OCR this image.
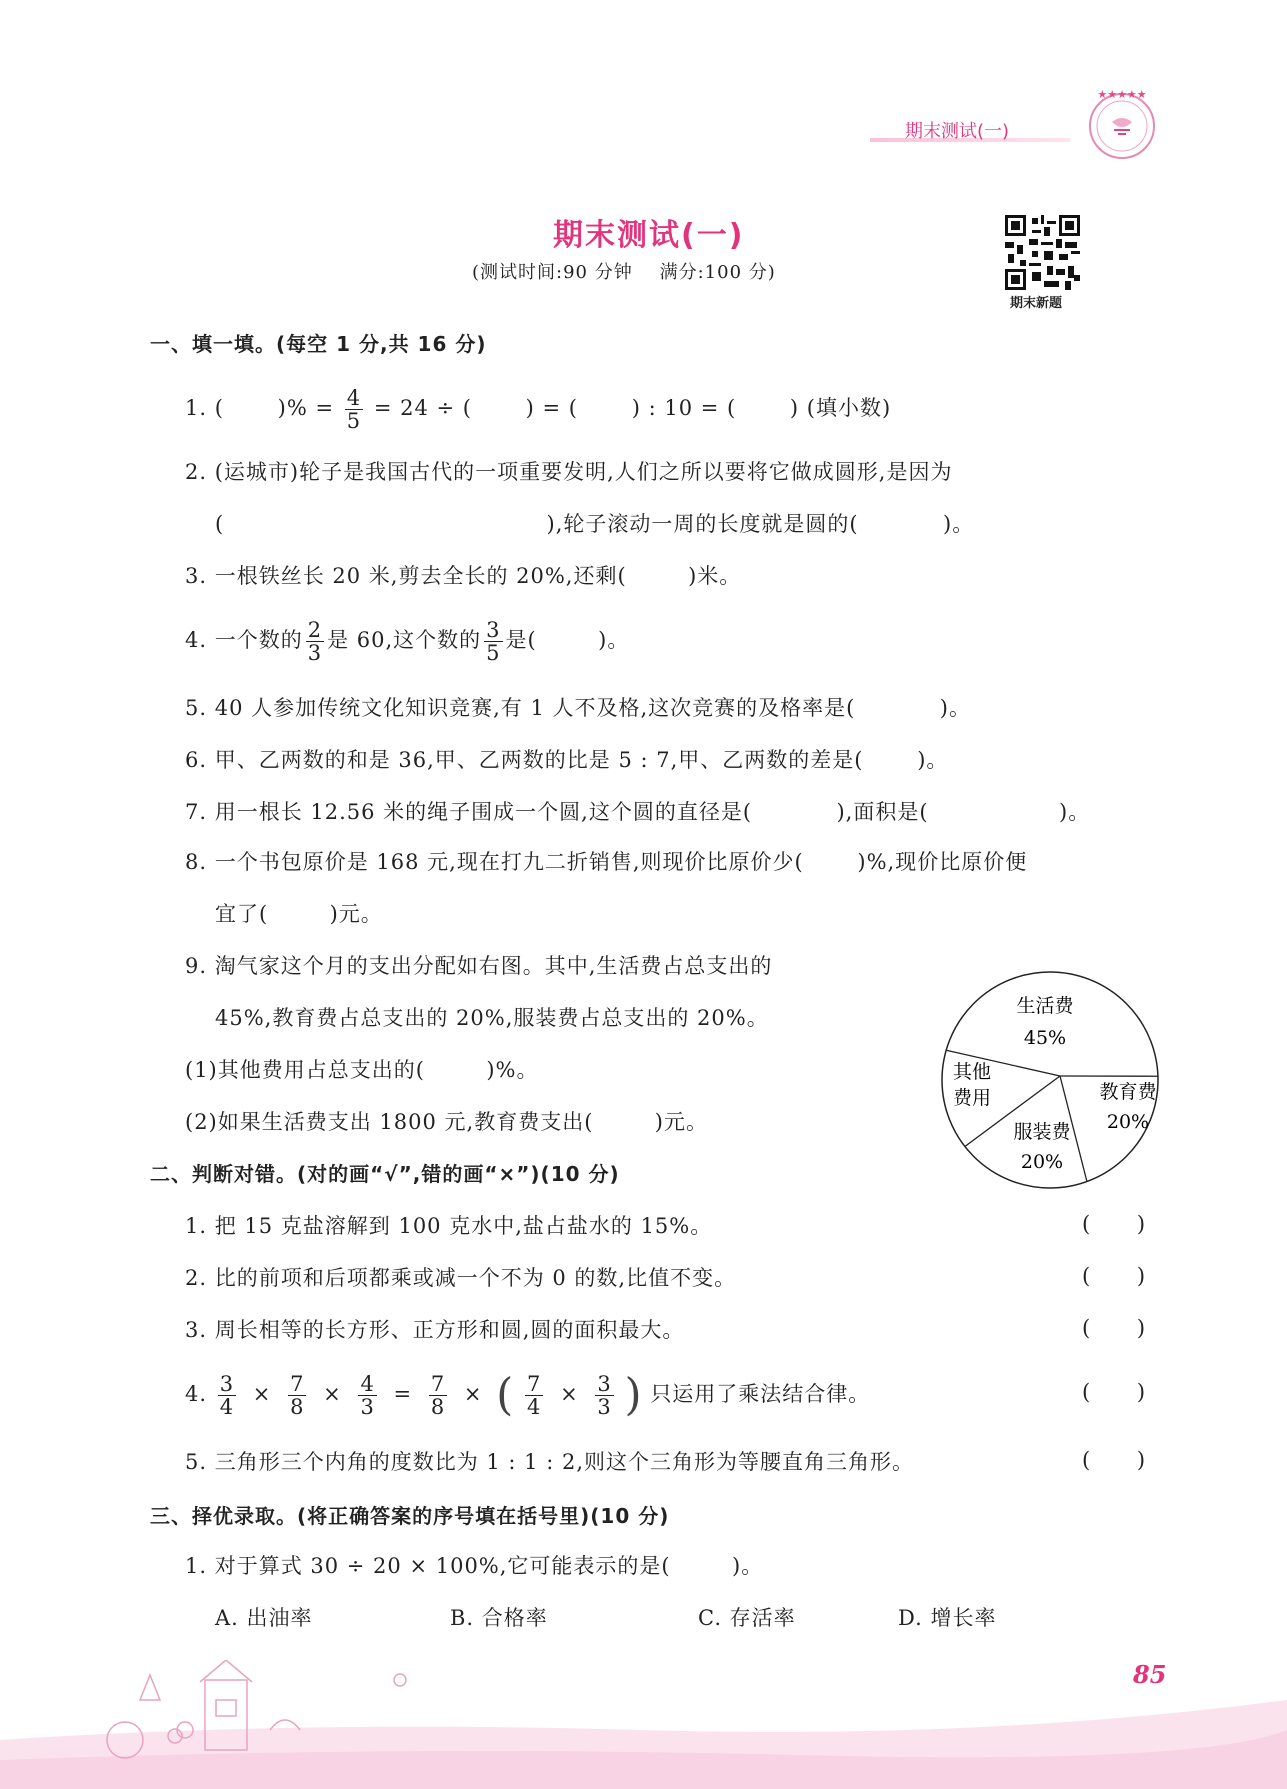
期末测试(一)
★★★★★
期末测试(一)
(测试时间:90 分钟    满分:100 分)
期末新题
一、填一填。(每空 1 分,共 16 分)
1. (       )% = $\frac{4}{5} = 24$ ÷ (       ) = (       ) : 10 = (       ) (填小数)
2. (运城市)轮子是我国古代的一项重要发明,人们之所以要将它做成圆形,是因为
(                                          ),轮子滚动一周的长度就是圆的(           )。
3. 一根铁丝长 20 米,剪去全长的 20%,还剩(        )米。
4. 一个数的 $\frac{2}{3}$ 是 60,这个数的 $\frac{3}{5}$ 是(        )。
5. 40 人参加传统文化知识竞赛,有 1 人不及格,这次竞赛的及格率是(           )。
6. 甲、乙两数的和是 36,甲、乙两数的比是 5 : 7,甲、乙两数的差是(       )。
7. 用一根长 12.56 米的绳子围成一个圆,这个圆的直径是(           ),面积是(                 )。
8. 一个书包原价是 168 元,现在打九二折销售,则现价比原价少(       )%,现价比原价便
宜了(        )元。
9. 淘气家这个月的支出分配如右图。其中,生活费占总支出的
45%,教育费占总支出的 20%,服装费占总支出的 20%。
(1)其他费用占总支出的(        )%。
(2)如果生活费支出 1800 元,教育费支出(        )元。
生活费
45%
教育费
20%
服装费
20%
其他
费用
二、判断对错。(对的画“√”,错的画“×”)(10 分)
1. 把 15 克盐溶解到 100 克水中,盐占盐水的 15%。	(       )
2. 比的前项和后项都乘或减一个不为 0 的数,比值不变。	(       )
3. 周长相等的长方形、正方形和圆,圆的面积最大。	(       )
4. $\frac{3}{4} \times \frac{7}{8} \times \frac{4}{3} = \frac{7}{8}$ × ( $\frac{7}{4} \times \frac{3}{3}$ ) 只运用了乘法结合律。	(       )
5. 三角形三个内角的度数比为 1 : 1 : 2,则这个三角形为等腰直角三角形。	(       )
三、择优录取。(将正确答案的序号填在括号里)(10 分)
1. 对于算式 30 ÷ 20 × 100%,它可能表示的是(        )。
A. 出油率	B. 合格率	C. 存活率	D. 增长率
85
